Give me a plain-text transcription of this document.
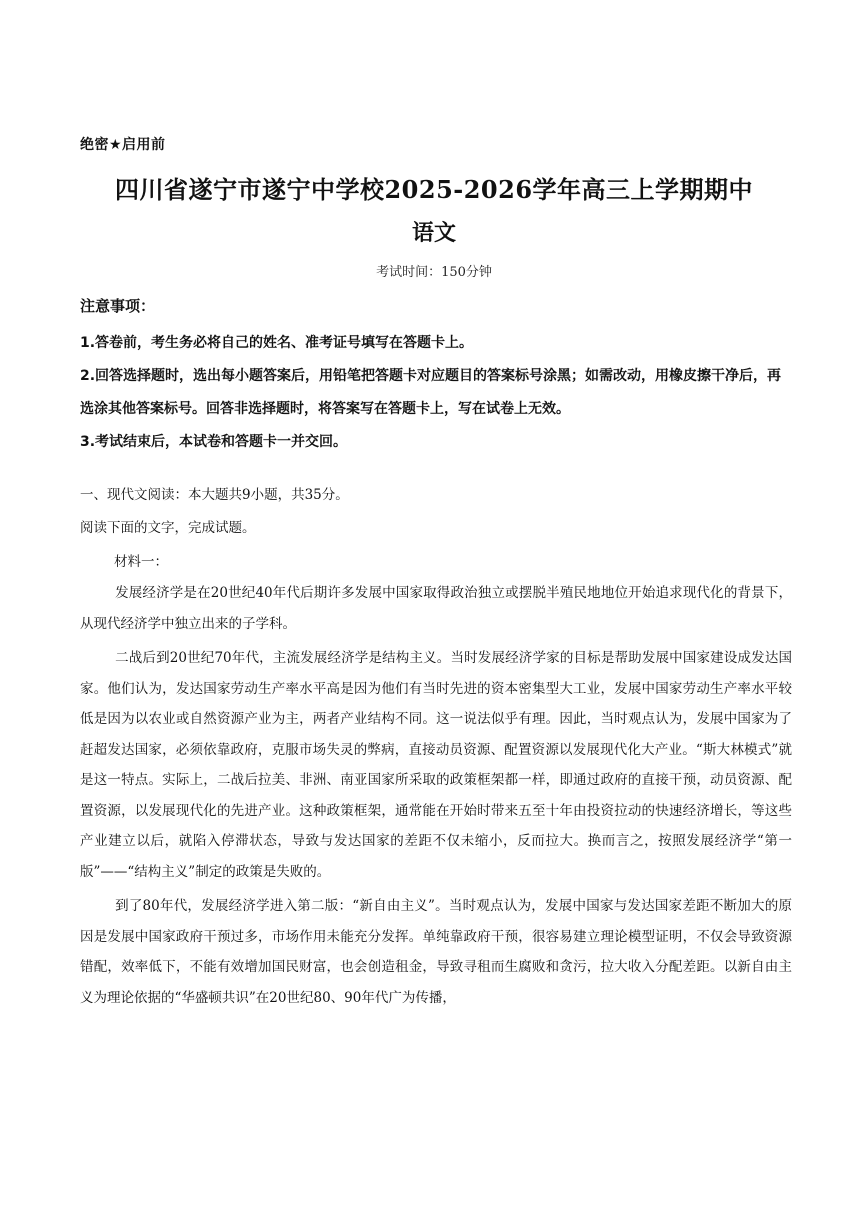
绝密★启用前
四川省遂宁市遂宁中学校2025-2026学年高三上学期期中
语文
考试时间：150分钟
注意事项：

1.答卷前，考生务必将自己的姓名、准考证号填写在答题卡上。

2.回答选择题时，选出每小题答案后，用铅笔把答题卡对应题目的答案标号涂黑；如需改动，用橡皮擦干净后，再选涂其他答案标号。回答非选择题时，将答案写在答题卡上，写在试卷上无效。

3.考试结束后，本试卷和答题卡一并交回。

一、现代文阅读：本大题共9小题，共35分。
阅读下面的文字，完成试题。
材料一：

发展经济学是在20世纪40年代后期许多发展中国家取得政治独立或摆脱半殖民地地位开始追求现代化的背景下，从现代经济学中独立出来的子学科。

二战后到20世纪70年代，主流发展经济学是结构主义。当时发展经济学家的目标是帮助发展中国家建设成发达国家。他们认为，发达国家劳动生产率水平高是因为他们有当时先进的资本密集型大工业，发展中国家劳动生产率水平较低是因为以农业或自然资源产业为主，两者产业结构不同。这一说法似乎有理。因此，当时观点认为，发展中国家为了赶超发达国家，必须依靠政府，克服市场失灵的弊病，直接动员资源、配置资源以发展现代化大产业。“斯大林模式”就是这一特点。实际上，二战后拉美、非洲、南亚国家所采取的政策框架都一样，即通过政府的直接干预，动员资源、配置资源，以发展现代化的先进产业。这种政策框架，通常能在开始时带来五至十年由投资拉动的快速经济增长，等这些产业建立以后，就陷入停滞状态，导致与发达国家的差距不仅未缩小，反而拉大。换而言之，按照发展经济学“第一版”——“结构主义”制定的政策是失败的。

到了80年代，发展经济学进入第二版：“新自由主义”。当时观点认为，发展中国家与发达国家差距不断加大的原因是发展中国家政府干预过多，市场作用未能充分发挥。单纯靠政府干预，很容易建立理论模型证明，不仅会导致资源错配，效率低下，不能有效增加国民财富，也会创造租金，导致寻租而生腐败和贪污，拉大收入分配差距。以新自由主义为理论依据的“华盛顿共识”在20世纪80、90年代广为传播，
